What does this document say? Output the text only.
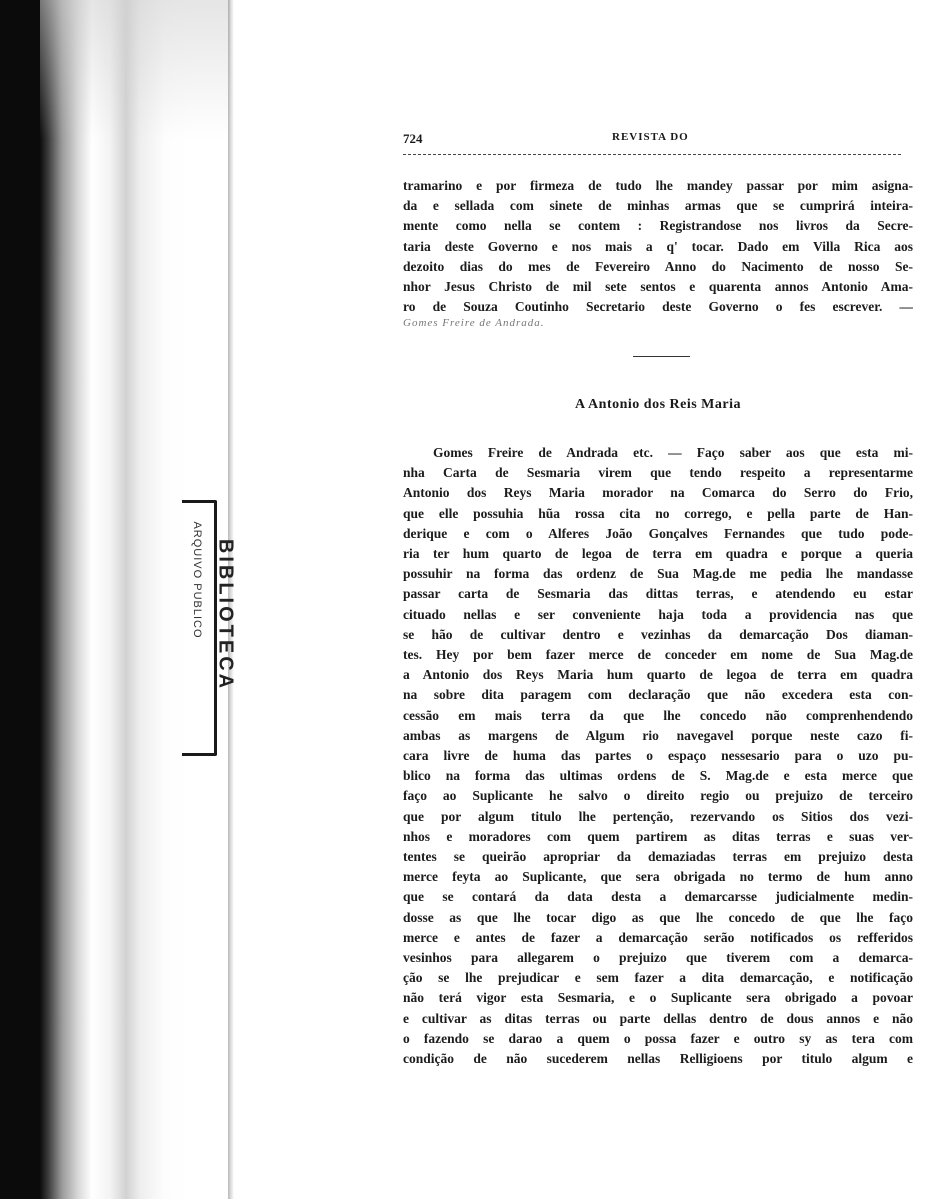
BIBLIOTECA
ARQUIVO PUBLICO
724	REVISTA DO
tramarino e por firmeza de tudo lhe mandey passar por mim asigna-
da e sellada com sinete de minhas armas que se cumprirá inteira-
mente como nella se contem : Registrandose nos livros da Secre-
taria deste Governo e nos mais a q' tocar. Dado em Villa Rica aos
dezoito dias do mes de Fevereiro Anno do Nacimento de nosso Se-
nhor Jesus Christo de mil sete sentos e quarenta annos Antonio Ama-
ro de Souza Coutinho Secretario deste Governo o fes escrever. —
Gomes Freire de Andrada.
A Antonio dos Reis Maria
Gomes Freire de Andrada etc. — Faço saber aos que esta mi-
nha Carta de Sesmaria virem que tendo respeito a representarme
Antonio dos Reys Maria morador na Comarca do Serro do Frio,
que elle possuhia hũa rossa cita no corrego, e pella parte de Han-
derique e com o Alferes João Gonçalves Fernandes que tudo pode-
ria ter hum quarto de legoa de terra em quadra e porque a queria
possuhir na forma das ordenz de Sua Mag.de me pedia lhe mandasse
passar carta de Sesmaria das dittas terras, e atendendo eu estar
cituado nellas e ser conveniente haja toda a providencia nas que
se hão de cultivar dentro e vezinhas da demarcação Dos diaman-
tes. Hey por bem fazer merce de conceder em nome de Sua Mag.de
a Antonio dos Reys Maria hum quarto de legoa de terra em quadra
na sobre dita paragem com declaração que não excedera esta con-
cessão em mais terra da que lhe concedo não comprenhendendo
ambas as margens de Algum rio navegavel porque neste cazo fi-
cara livre de huma das partes o espaço nessesario para o uzo pu-
blico na forma das ultimas ordens de S. Mag.de e esta merce que
faço ao Suplicante he salvo o direito regio ou prejuizo de terceiro
que por algum titulo lhe pertenção, rezervando os Sitios dos vezi-
nhos e moradores com quem partirem as ditas terras e suas ver-
tentes se queirão apropriar da demaziadas terras em prejuizo desta
merce feyta ao Suplicante, que sera obrigada no termo de hum anno
que se contará da data desta a demarcarsse judicialmente medin-
dosse as que lhe tocar digo as que lhe concedo de que lhe faço
merce e antes de fazer a demarcação serão notificados os refferidos
vesinhos para allegarem o prejuizo que tiverem com a demarca-
ção se lhe prejudicar e sem fazer a dita demarcação, e notificação
não terá vigor esta Sesmaria, e o Suplicante sera obrigado a povoar
e cultivar as ditas terras ou parte dellas dentro de dous annos e não
o fazendo se darao a quem o possa fazer e outro sy as tera com
condição de não sucederem nellas Relligioens por titulo algum e
